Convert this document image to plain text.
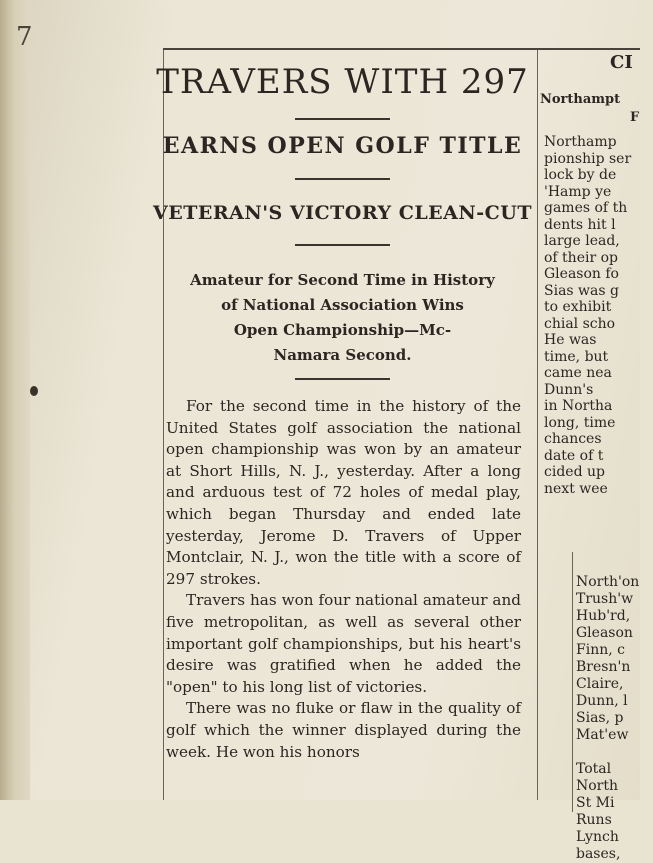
7
TRAVERS WITH 297
EARNS OPEN GOLF TITLE
VETERAN'S VICTORY CLEAN-CUT
Amateur for Second Time in History
of National Association Wins
Open Championship—Mc-
Namara Second.

For the second time in the history of the United States golf association the national open championship was won by an amateur at Short Hills, N. J., yesterday. After a long and arduous test of 72 holes of medal play, which began Thursday and ended late yesterday, Jerome D. Travers of Upper Montclair, N. J., won the title with a score of 297 strokes.

Travers has won four national amateur and five metropolitan, as well as several other important golf championships, but his heart's desire was gratified when he added the "open" to his long list of victories.

There was no fluke or flaw in the quality of golf which the winner displayed during the week. He won his honors

CI
Northampt
F
Northamp
pionship ser
lock by de
'Hamp ye
games of th
dents hit l
large lead,
of their op
Gleason fo
Sias was g
to exhibit
chial scho
He was
time, but
came nea
Dunn's
in Northa
long, time
chances
date of t
cided up
next wee
North'on
Trush'w
Hub'rd,
Gleason
Finn, c
Bresn'n
Claire,
Dunn, l
Sias, p
Mat'ew

Total
North
St Mi
Runs
Lynch
bases,
